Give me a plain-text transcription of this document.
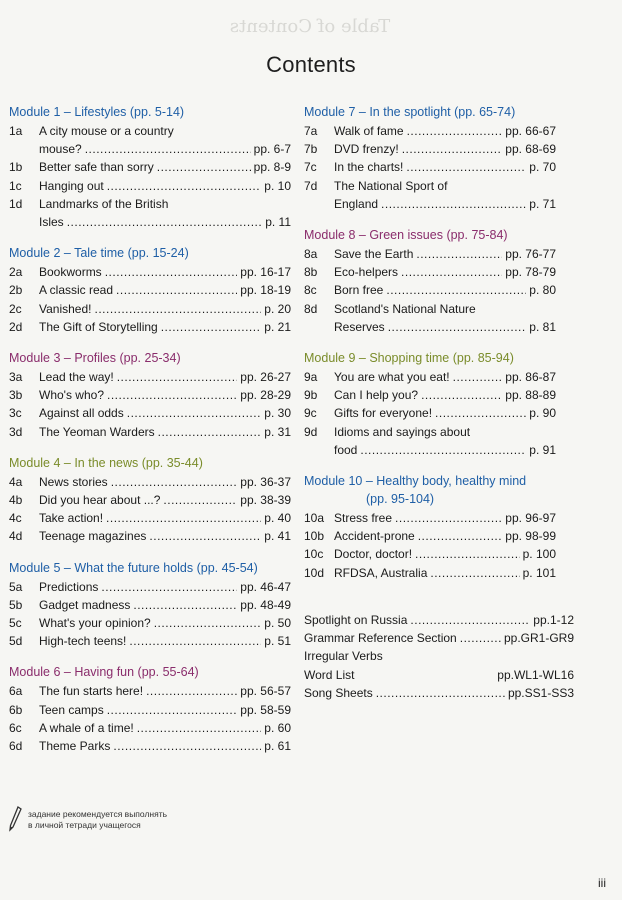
Table of Contents
Contents
Module 1 – Lifestyles (pp. 5-14)
1a	A city mouse or a country
mouse? .....	pp. 6-7
1b	Better safe than sorry .....	pp. 8-9
1c	Hanging out .....	p. 10
1d	Landmarks of the British
Isles .....	p. 11
Module 2 – Tale time (pp. 15-24)
2a	Bookworms .....	pp. 16-17
2b	A classic read .....	pp. 18-19
2c	Vanished! .....	p. 20
2d	The Gift of Storytelling .....	p. 21
Module 3 – Profiles (pp. 25-34)
3a	Lead the way! .....	pp. 26-27
3b	Who's who? .....	pp. 28-29
3c	Against all odds .....	p. 30
3d	The Yeoman Warders .....	p. 31
Module 4 – In the news (pp. 35-44)
4a	News stories .....	pp. 36-37
4b	Did you hear about ...? .....	pp. 38-39
4c	Take action! .....	p. 40
4d	Teenage magazines .....	p. 41
Module 5 – What the future holds (pp. 45-54)
5a	Predictions .....	pp. 46-47
5b	Gadget madness .....	pp. 48-49
5c	What's your opinion? .....	p. 50
5d	High-tech teens! .....	p. 51
Module 6 – Having fun (pp. 55-64)
6a	The fun starts here! .....	pp. 56-57
6b	Teen camps .....	pp. 58-59
6c	A whale of a time! .....	p. 60
6d	Theme Parks .....	p. 61
Module 7 – In the spotlight (pp. 65-74)
7a	Walk of fame .....	pp. 66-67
7b	DVD frenzy! .....	pp. 68-69
7c	In the charts! .....	p. 70
7d	The National Sport of
England .....	p. 71
Module 8 – Green issues (pp. 75-84)
8a	Save the Earth .....	pp. 76-77
8b	Eco-helpers .....	pp. 78-79
8c	Born free .....	p. 80
8d	Scotland's National Nature
Reserves .....	p. 81
Module 9 – Shopping time (pp. 85-94)
9a	You are what you eat! .....	pp. 86-87
9b	Can I help you? .....	pp. 88-89
9c	Gifts for everyone! .....	p. 90
9d	Idioms and sayings about
food .....	p. 91
Module 10 – Healthy body, healthy mind
(pp. 95-104)
10a Stress free .....	pp. 96-97
10b Accident-prone .....	pp. 98-99
10c Doctor, doctor! .....	p. 100
10d RFDSA, Australia .....	p. 101
Spotlight on Russia .....	pp.1-12
Grammar Reference Section .....	pp.GR1-GR9
Irregular Verbs
Word List	pp.WL1-WL16
Song Sheets .....	pp.SS1-SS3
задание рекомендуется выполнять
в личной тетради учащегося
iii
